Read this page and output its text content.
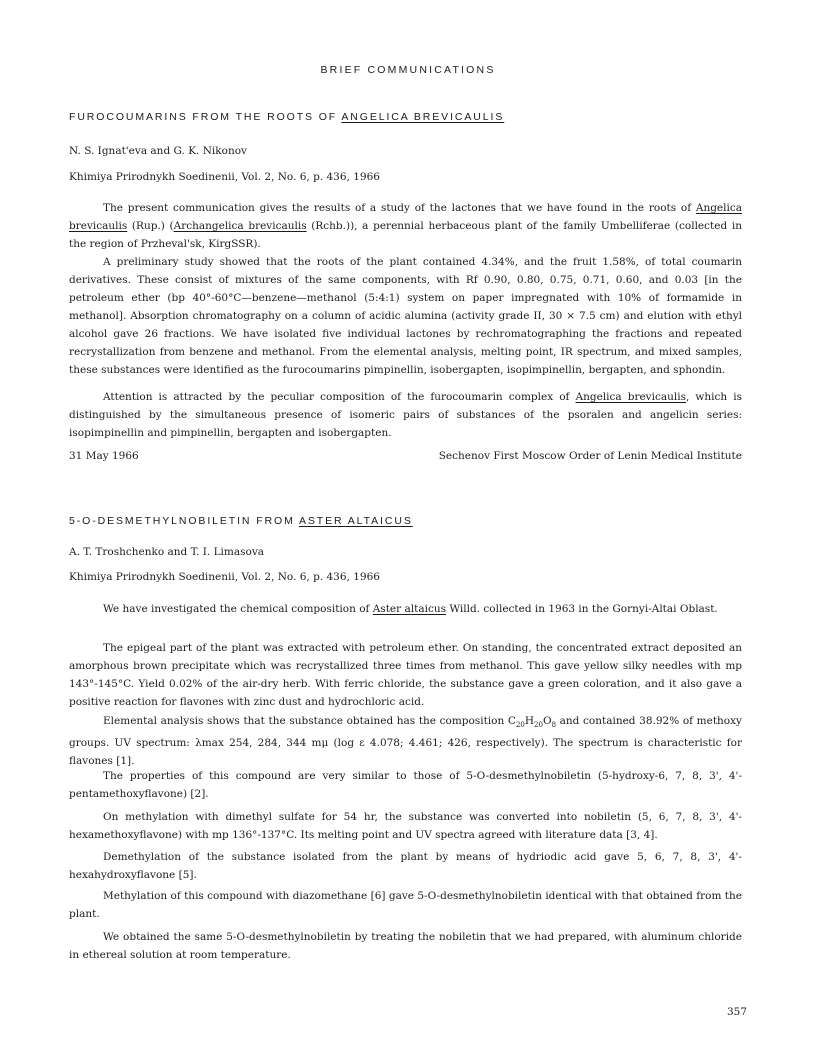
BRIEF COMMUNICATIONS
FUROCOUMARINS FROM THE ROOTS OF ANGELICA BREVICAULIS
N. S. Ignat'eva and G. K. Nikonov
Khimiya Prirodnykh Soedinenii, Vol. 2, No. 6, p. 436, 1966
The present communication gives the results of a study of the lactones that we have found in the roots of Angelica brevicaulis (Rup.) (Archangelica brevicaulis (Rchb.)), a perennial herbaceous plant of the family Umbelliferae (collected in the region of Przheval'sk, KirgSSR).
A preliminary study showed that the roots of the plant contained 4.34%, and the fruit 1.58%, of total coumarin derivatives. These consist of mixtures of the same components, with Rf 0.90, 0.80, 0.75, 0.71, 0.60, and 0.03 [in the petroleum ether (bp 40°-60°C—benzene—methanol (5:4:1) system on paper impregnated with 10% of formamide in methanol]. Absorption chromatography on a column of acidic alumina (activity grade II, 30 × 7.5 cm) and elution with ethyl alcohol gave 26 fractions. We have isolated five individual lactones by rechromatographing the fractions and repeated recrystallization from benzene and methanol. From the elemental analysis, melting point, IR spectrum, and mixed samples, these substances were identified as the furocoumarins pimpinellin, isobergapten, isopimpinellin, bergapten, and sphondin.
Attention is attracted by the peculiar composition of the furocoumarin complex of Angelica brevicaulis, which is distinguished by the simultaneous presence of isomeric pairs of substances of the psoralen and angelicin series: isopimpinellin and pimpinellin, bergapten and isobergapten.
31 May 1966	Sechenov First Moscow Order of Lenin Medical Institute
5-O-DESMETHYLNOBILETIN FROM ASTER ALTAICUS
A. T. Troshchenko and T. I. Limasova
Khimiya Prirodnykh Soedinenii, Vol. 2, No. 6, p. 436, 1966
We have investigated the chemical composition of Aster altaicus Willd. collected in 1963 in the Gornyi-Altai Oblast.
The epigeal part of the plant was extracted with petroleum ether. On standing, the concentrated extract deposited an amorphous brown precipitate which was recrystallized three times from methanol. This gave yellow silky needles with mp 143°-145°C. Yield 0.02% of the air-dry herb. With ferric chloride, the substance gave a green coloration, and it also gave a positive reaction for flavones with zinc dust and hydrochloric acid.
Elemental analysis shows that the substance obtained has the composition $C_{20}H_{20}O_8$ and contained 38.92% of methoxy groups. UV spectrum: λmax 254, 284, 344 mμ (log ε 4.078; 4.461; 426, respectively). The spectrum is characteristic for flavones [1].
The properties of this compound are very similar to those of 5-O-desmethylnobiletin (5-hydroxy-6, 7, 8, 3', 4'-pentamethoxyflavone) [2].
On methylation with dimethyl sulfate for 54 hr, the substance was converted into nobiletin (5, 6, 7, 8, 3', 4'-hexamethoxyflavone) with mp 136°-137°C. Its melting point and UV spectra agreed with literature data [3, 4].
Demethylation of the substance isolated from the plant by means of hydriodic acid gave 5, 6, 7, 8, 3', 4'-hexahydroxyflavone [5].
Methylation of this compound with diazomethane [6] gave 5-O-desmethylnobiletin identical with that obtained from the plant.
We obtained the same 5-O-desmethylnobiletin by treating the nobiletin that we had prepared, with aluminum chloride in ethereal solution at room temperature.
357
